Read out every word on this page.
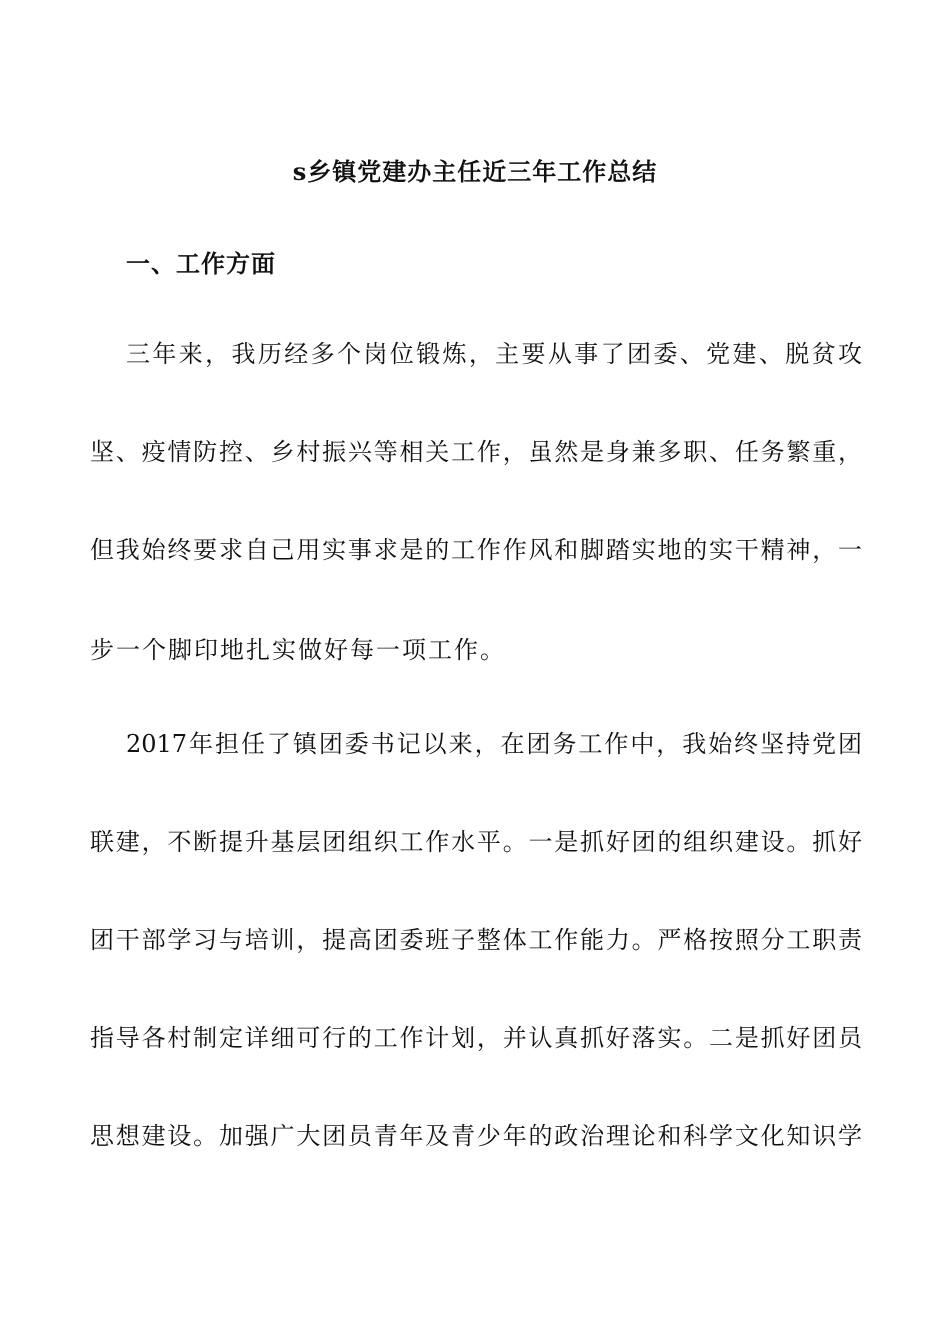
s乡镇党建办主任近三年工作总结
一、工作方面

三年来，我历经多个岗位锻炼，主要从事了团委、党建、脱贫攻

坚、疫情防控、乡村振兴等相关工作，虽然是身兼多职、任务繁重，

但我始终要求自己用实事求是的工作作风和脚踏实地的实干精神，一

步一个脚印地扎实做好每一项工作。

2017年担任了镇团委书记以来，在团务工作中，我始终坚持党团

联建，不断提升基层团组织工作水平。一是抓好团的组织建设。抓好

团干部学习与培训，提高团委班子整体工作能力。严格按照分工职责

指导各村制定详细可行的工作计划，并认真抓好落实。二是抓好团员

思想建设。加强广大团员青年及青少年的政治理论和科学文化知识学
